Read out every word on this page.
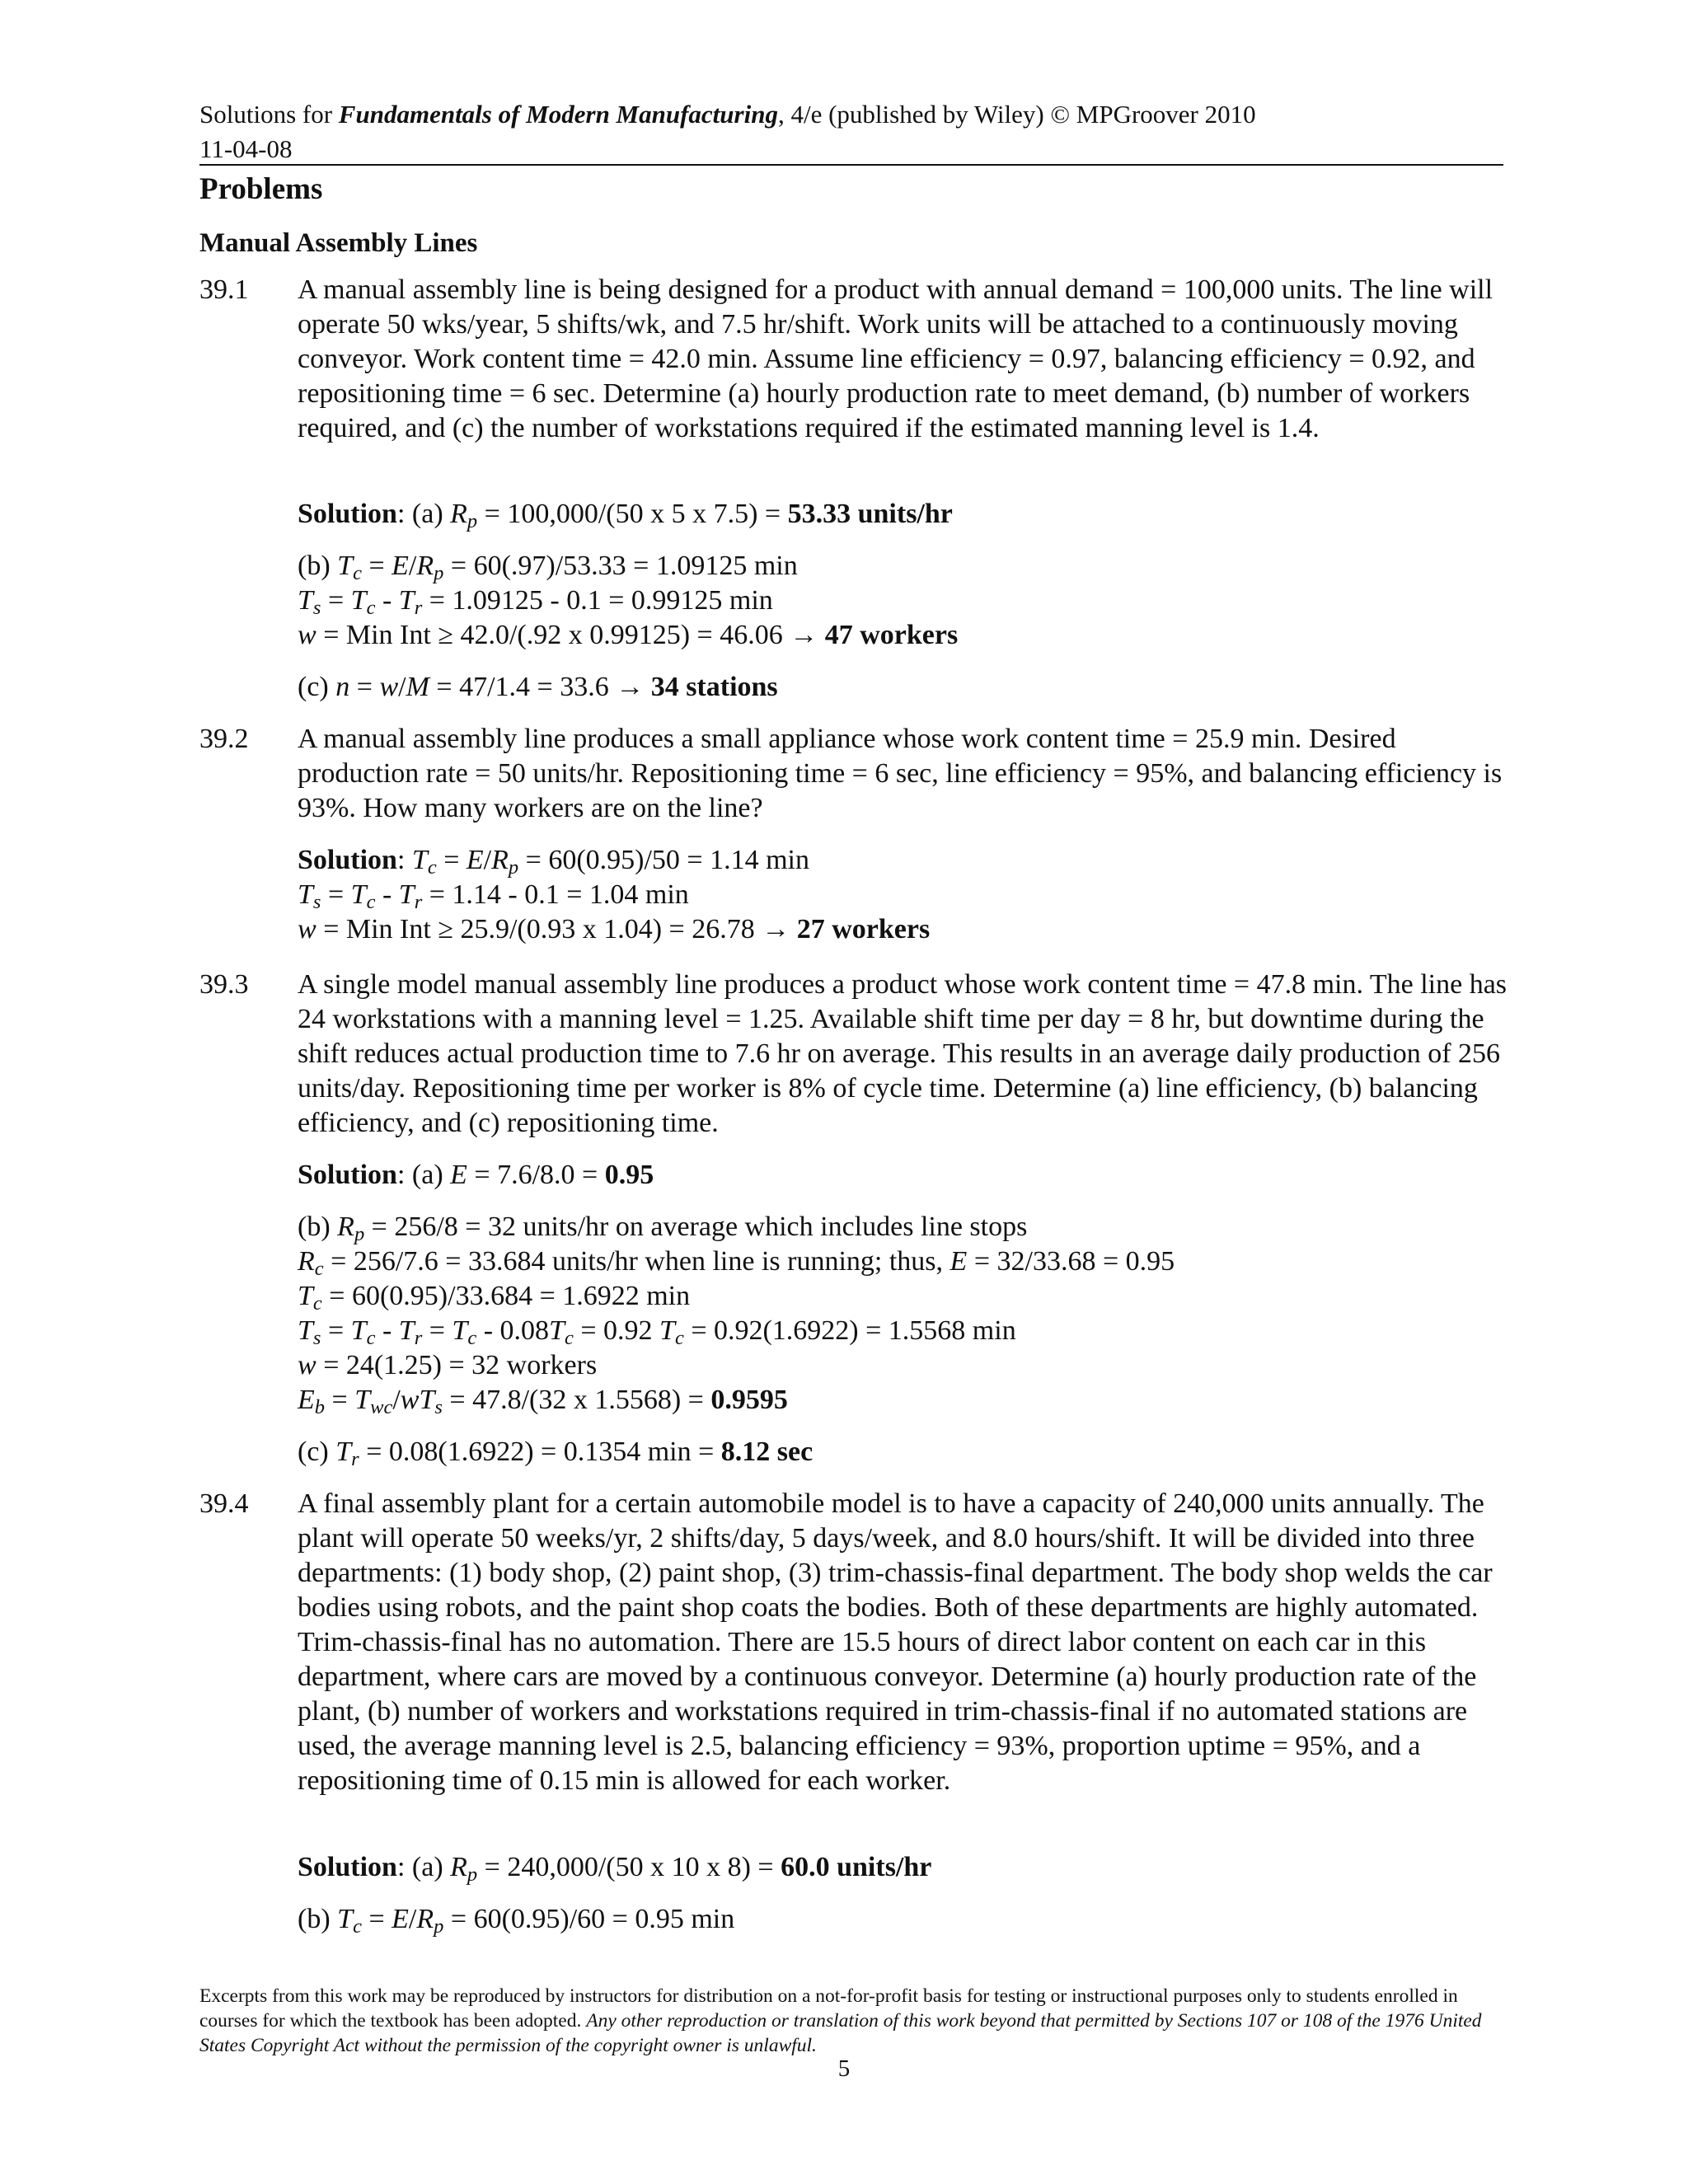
Solutions for Fundamentals of Modern Manufacturing, 4/e (published by Wiley) © MPGroover 2010
11-04-08
Problems
Manual Assembly Lines
39.1 A manual assembly line is being designed for a product with annual demand = 100,000 units. The line will operate 50 wks/year, 5 shifts/wk, and 7.5 hr/shift. Work units will be attached to a continuously moving conveyor. Work content time = 42.0 min. Assume line efficiency = 0.97, balancing efficiency = 0.92, and repositioning time = 6 sec. Determine (a) hourly production rate to meet demand, (b) number of workers required, and (c) the number of workstations required if the estimated manning level is 1.4.
Solution: (a) $R_p = 100,000/(50$ x 5 x 7.5) = 53.33 units/hr
(b) $T_c = E/R_p = 60(.97)/53.33 = 1.09125$ min
$T_s = T_c - T_r = 1.09125 - 0.1 = 0.99125$ min
w = Min Int ≥ 42.0/(.92 x 0.99125) = 46.06 → 47 workers
(c) n = w/M = 47/1.4 = 33.6 → 34 stations
39.2 A manual assembly line produces a small appliance whose work content time = 25.9 min. Desired production rate = 50 units/hr. Repositioning time = 6 sec, line efficiency = 95%, and balancing efficiency is 93%. How many workers are on the line?
Solution: $T_c = E/R_p = 60(0.95)/50 = 1.14$ min
$T_s = T_c - T_r = 1.14 - 0.1 = 1.04$ min
w = Min Int ≥ 25.9/(0.93 x 1.04) = 26.78 → 27 workers
39.3 A single model manual assembly line produces a product whose work content time = 47.8 min. The line has 24 workstations with a manning level = 1.25. Available shift time per day = 8 hr, but downtime during the shift reduces actual production time to 7.6 hr on average. This results in an average daily production of 256 units/day. Repositioning time per worker is 8% of cycle time. Determine (a) line efficiency, (b) balancing efficiency, and (c) repositioning time.
Solution: (a) E = 7.6/8.0 = 0.95
(b) $R_p = 256/8 = 32$ units/hr on average which includes line stops
$R_c = 256/7.6 = 33.684$ units/hr when line is running; thus, E = 32/33.68 = 0.95
$T_c = 60(0.95)/33.684 = 1.6922$ min
$T_s = T_c - T_r = T_c - 0.08T_c = 0.92$ $T_c = 0.92(1.6922) = 1.5568$ min
w = 24(1.25) = 32 workers
$E_b = T_{wc}/wT_s = 47.8/(32$ x 1.5568) = 0.9595
(c) $T_r = 0.08(1.6922) = 0.1354$ min = 8.12 sec
39.4 A final assembly plant for a certain automobile model is to have a capacity of 240,000 units annually. The plant will operate 50 weeks/yr, 2 shifts/day, 5 days/week, and 8.0 hours/shift. It will be divided into three departments: (1) body shop, (2) paint shop, (3) trim-chassis-final department. The body shop welds the car bodies using robots, and the paint shop coats the bodies. Both of these departments are highly automated. Trim-chassis-final has no automation. There are 15.5 hours of direct labor content on each car in this department, where cars are moved by a continuous conveyor. Determine (a) hourly production rate of the plant, (b) number of workers and workstations required in trim-chassis-final if no automated stations are used, the average manning level is 2.5, balancing efficiency = 93%, proportion uptime = 95%, and a repositioning time of 0.15 min is allowed for each worker.
Solution: (a) $R_p = 240,000/(50$ x 10 x 8) = 60.0 units/hr
(b) $T_c = E/R_p = 60(0.95)/60 = 0.95$ min
Excerpts from this work may be reproduced by instructors for distribution on a not-for-profit basis for testing or instructional purposes only to students enrolled in courses for which the textbook has been adopted. Any other reproduction or translation of this work beyond that permitted by Sections 107 or 108 of the 1976 United States Copyright Act without the permission of the copyright owner is unlawful.
5
